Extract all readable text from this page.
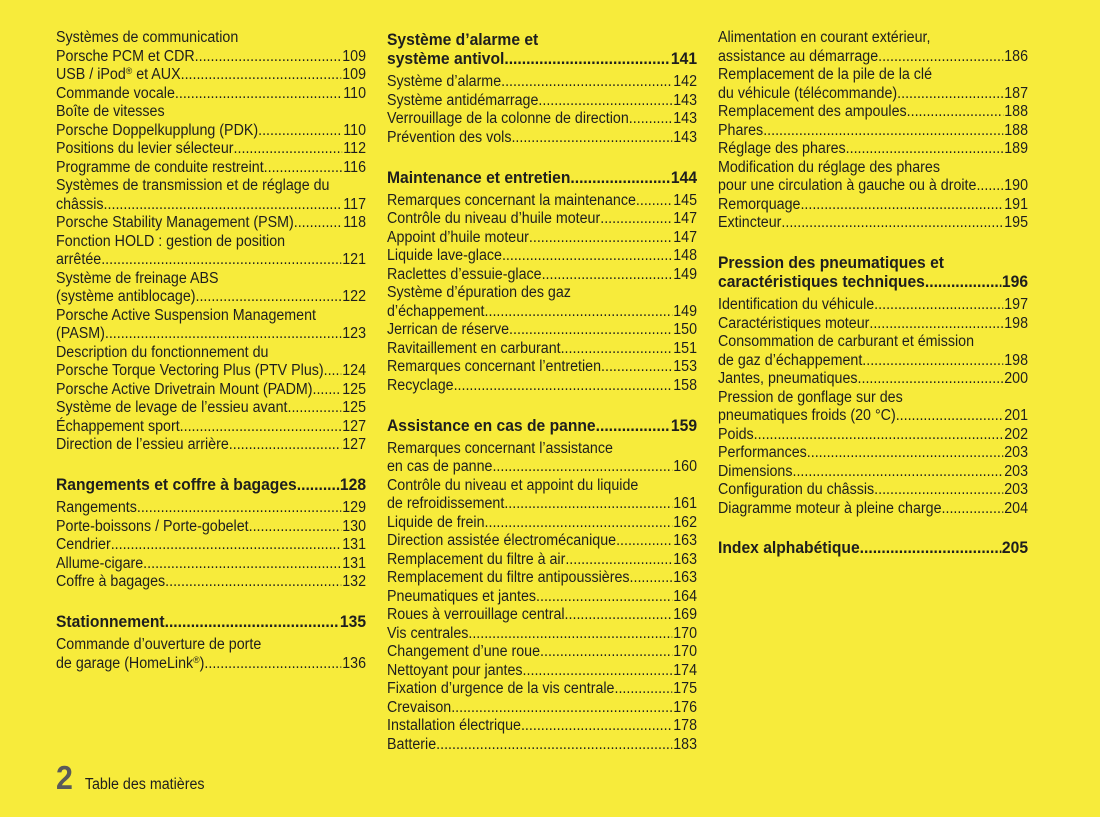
Systèmes de communication
Porsche PCM et CDR .....	109
USB / iPod® et AUX .....	109
Commande vocale .....	110
Boîte de vitesses
Porsche Doppelkupplung (PDK) .....	110
Positions du levier sélecteur .....	112
Programme de conduite restreint .....	116
Systèmes de transmission et de réglage du
châssis .....	117
Porsche Stability Management (PSM) .....	118
Fonction HOLD : gestion de position
arrêtée .....	121
Système de freinage ABS
(système antiblocage) .....	122
Porsche Active Suspension Management
(PASM) .....	123
Description du fonctionnement du
Porsche Torque Vectoring Plus (PTV Plus) ..... 124
Porsche Active Drivetrain Mount (PADM) ..... 125
Système de levage de l’essieu avant .....	125
Échappement sport .....	127
Direction de l’essieu arrière .....	127
Rangements et coffre à bagages .....	128
Rangements .....	129
Porte-boissons / Porte-gobelet .....	130
Cendrier .....	131
Allume-cigare .....	131
Coffre à bagages .....	132
Stationnement .....	135
Commande d’ouverture de porte
de garage (HomeLink®) .....	136
Système d’alarme et
système antivol .....	141
Système d’alarme .....	142
Système antidémarrage .....	143
Verrouillage de la colonne de direction .....	143
Prévention des vols .....	143
Maintenance et entretien .....	144
Remarques concernant la maintenance ..... 145
Contrôle du niveau d’huile moteur .....	147
Appoint d’huile moteur .....	147
Liquide lave-glace .....	148
Raclettes d’essuie-glace .....	149
Système d’épuration des gaz
d’échappement .....	149
Jerrican de réserve .....	150
Ravitaillement en carburant .....	151
Remarques concernant l’entretien .....	153
Recyclage .....	158
Assistance en cas de panne .....	159
Remarques concernant l’assistance
en cas de panne .....	160
Contrôle du niveau et appoint du liquide
de refroidissement .....	161
Liquide de frein .....	162
Direction assistée électromécanique .....	163
Remplacement du filtre à air .....	163
Remplacement du filtre antipoussières .....	163
Pneumatiques et jantes .....	164
Roues à verrouillage central .....	169
Vis centrales .....	170
Changement d’une roue .....	170
Nettoyant pour jantes .....	174
Fixation d’urgence de la vis centrale .....	175
Crevaison .....	176
Installation électrique .....	178
Batterie .....	183
Alimentation en courant extérieur,
assistance au démarrage .....	186
Remplacement de la pile de la clé
du véhicule (télécommande) .....	187
Remplacement des ampoules .....	188
Phares .....	188
Réglage des phares .....	189
Modification du réglage des phares
pour une circulation à gauche ou à droite ..... 190
Remorquage .....	191
Extincteur .....	195
Pression des pneumatiques et
caractéristiques techniques .....	196
Identification du véhicule .....	197
Caractéristiques moteur .....	198
Consommation de carburant et émission
de gaz d’échappement .....	198
Jantes, pneumatiques .....	200
Pression de gonflage sur des
pneumatiques froids (20 °C) .....	201
Poids .....	202
Performances .....	203
Dimensions .....	203
Configuration du châssis .....	203
Diagramme moteur à pleine charge .....	204
Index alphabétique .....	205
2 Table des matières
